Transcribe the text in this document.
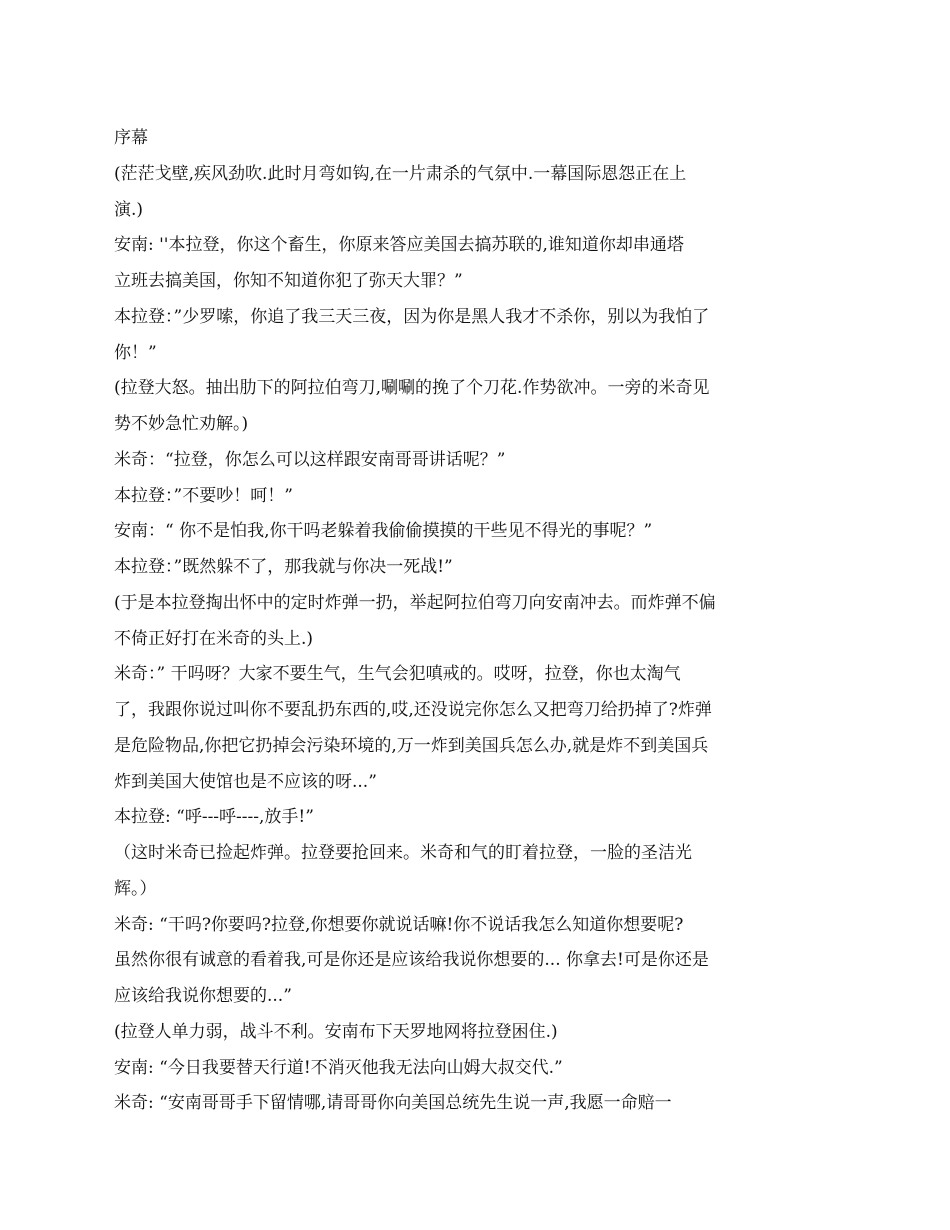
序幕
(茫茫戈壁,疾风劲吹.此时月弯如钩,在一片肃杀的气氛中.一幕国际恩怨正在上
演.)
安南: ''本拉登，你这个畜生，你原来答应美国去搞苏联的,谁知道你却串通塔
立班去搞美国，你知不知道你犯了弥天大罪？”
本拉登：”少罗嗦，你追了我三天三夜，因为你是黑人我才不杀你，别以为我怕了
你！”
(拉登大怒。抽出肋下的阿拉伯弯刀,唰唰的挽了个刀花.作势欲冲。一旁的米奇见
势不妙急忙劝解。)
米奇：“拉登，你怎么可以这样跟安南哥哥讲话呢？”
本拉登：”不要吵！呵！”
安南：“ 你不是怕我,你干吗老躲着我偷偷摸摸的干些见不得光的事呢？”
本拉登：”既然躲不了，那我就与你决一死战!”
(于是本拉登掏出怀中的定时炸弹一扔，举起阿拉伯弯刀向安南冲去。而炸弹不偏
不倚正好打在米奇的头上.)
米奇：” 干吗呀？大家不要生气，生气会犯嗔戒的。哎呀，拉登，你也太淘气
了，我跟你说过叫你不要乱扔东西的,哎,还没说完你怎么又把弯刀给扔掉了?炸弹
是危险物品,你把它扔掉会污染环境的,万一炸到美国兵怎么办,就是炸不到美国兵
炸到美国大使馆也是不应该的呀...”
本拉登: “呼---呼----,放手!”
（这时米奇已捡起炸弹。拉登要抢回来。米奇和气的盯着拉登，一脸的圣洁光
辉。）
米奇: “干吗?你要吗?拉登,你想要你就说话嘛!你不说话我怎么知道你想要呢?
虽然你很有诚意的看着我,可是你还是应该给我说你想要的... 你拿去!可是你还是
应该给我说你想要的...”
(拉登人单力弱，战斗不利。安南布下天罗地网将拉登困住.)
安南: “今日我要替天行道!不消灭他我无法向山姆大叔交代.”
米奇: “安南哥哥手下留情哪,请哥哥你向美国总统先生说一声,我愿一命赔一
